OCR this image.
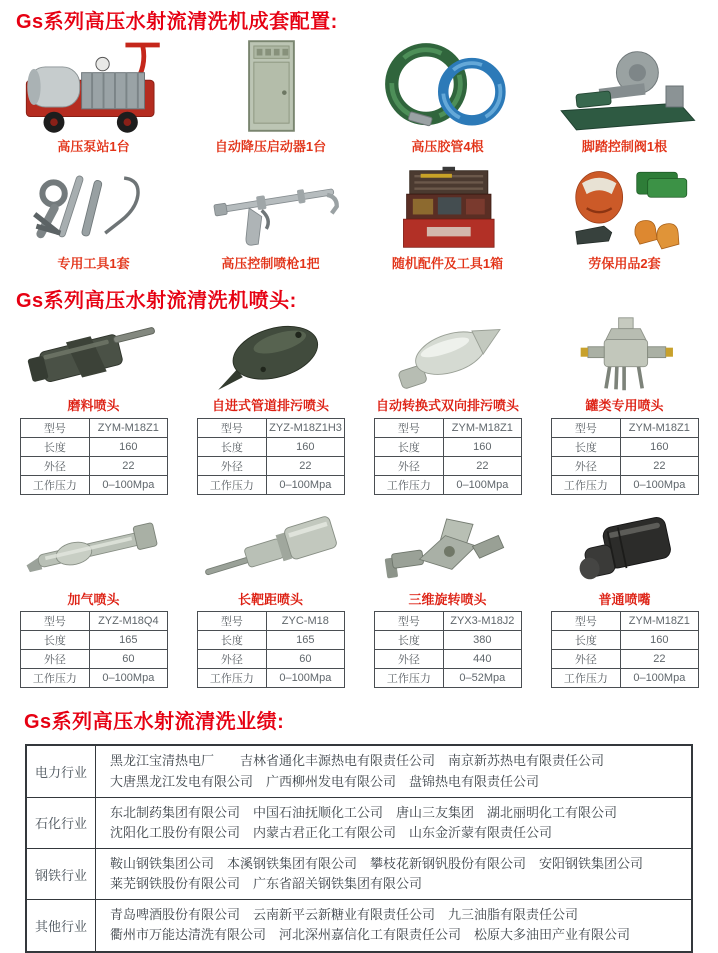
Gs系列高压水射流清洗机成套配置:
高压泵站1台	自动降压启动器1台	高压胶管4根	脚踏控制阀1根
专用工具1套	高压控制喷枪1把	随机配件及工具1箱	劳保用品2套
Gs系列高压水射流清洗机喷头:
磨料喷头
型号	ZYM-M18Z1
长度	160
外径	22
工作压力	0–100Mpa
自进式管道排污喷头
型号	ZYZ-M18Z1H3
长度	160
外径	22
工作压力	0–100Mpa
自动转换式双向排污喷头
型号	ZYM-M18Z1
长度	160
外径	22
工作压力	0–100Mpa
罐类专用喷头
型号	ZYM-M18Z1
长度	160
外径	22
工作压力	0–100Mpa
加气喷头
型号	ZYZ-M18Q4
长度	165
外径	60
工作压力	0–100Mpa
长靶距喷头
型号	ZYC-M18
长度	165
外径	60
工作压力	0–100Mpa
三维旋转喷头
型号	ZYX3-M18J2
长度	380
外径	440
工作压力	0–52Mpa
普通喷嘴
型号	ZYM-M18Z1
长度	160
外径	22
工作压力	0–100Mpa
Gs系列高压水射流清洗业绩:
电力行业	黑龙江宝清热电厂　　吉林省通化丰源热电有限责任公司　南京新苏热电有限责任公司
大唐黑龙江发电有限公司　广西柳州发电有限公司　盘锦热电有限责任公司

石化行业	东北制药集团有限公司　中国石油抚顺化工公司　唐山三友集团　湖北丽明化工有限公司
沈阳化工股份有限公司　内蒙古君正化工有限公司　山东金沂蒙有限责任公司

钢铁行业	鞍山钢铁集团公司　本溪钢铁集团有限公司　攀枝花新钢钒股份有限公司　安阳钢铁集团公司
莱芜钢铁股份有限公司　广东省韶关钢铁集团有限公司

其他行业	青岛啤酒股份有限公司　云南新平云新糖业有限责任公司　九三油脂有限责任公司
衢州市万能达清洗有限公司　河北深州嘉信化工有限责任公司　松原大多油田产业有限公司
